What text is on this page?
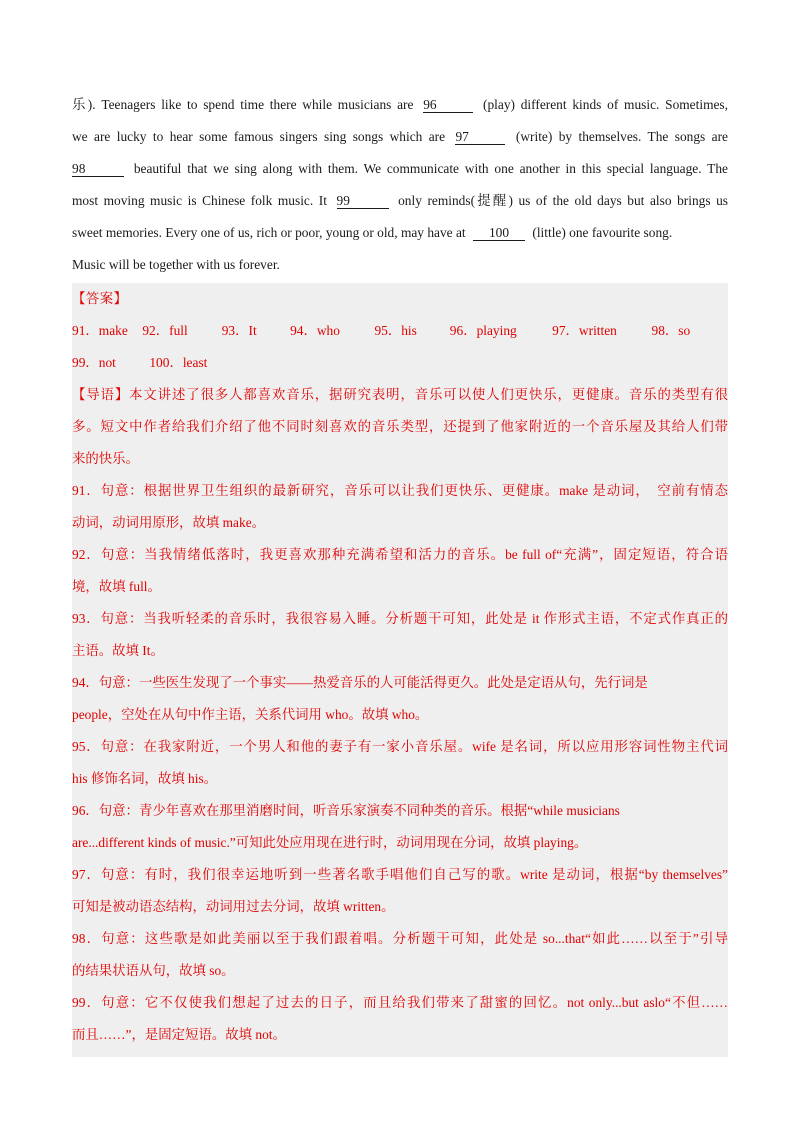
乐). Teenagers like to spend time there while musicians are 96	(play) different kinds of music. Sometimes,
we are lucky to hear some famous singers sing songs which are 97	(write) by themselves. The songs are
98	beautiful that we sing along with them. We communicate with one another in this special language. The
most moving music is Chinese folk music. It 99	only reminds(提醒) us of the old days but also brings us
sweet memories. Every one of us, rich or poor, young or old, may have at 100 (little) one favourite song.
Music will be together with us forever.
【答案】
91．make 92．full	93．It 94．who	95．his 96．playing	97．written	98．so
99．not 100．least
【导语】本文讲述了很多人都喜欢音乐，据研究表明，音乐可以使人们更快乐，更健康。音乐的类型有很
多。短文中作者给我们介绍了他不同时刻喜欢的音乐类型，还提到了他家附近的一个音乐屋及其给人们带
来的快乐。
91．句意：根据世界卫生组织的最新研究，音乐可以让我们更快乐、更健康。make 是动词，　空前有情态
动词，动词用原形，故填 make。
92．句意：当我情绪低落时，我更喜欢那种充满希望和活力的音乐。be full of“充满”，固定短语，符合语
境，故填 full。
93．句意：当我听轻柔的音乐时，我很容易入睡。分析题干可知，此处是 it 作形式主语，不定式作真正的
主语。故填 It。
94．句意：一些医生发现了一个事实——热爱音乐的人可能活得更久。此处是定语从句，先行词是
people，空处在从句中作主语，关系代词用 who。故填 who。
95．句意：在我家附近，一个男人和他的妻子有一家小音乐屋。wife 是名词，所以应用形容词性物主代词
his 修饰名词，故填 his。
96．句意：青少年喜欢在那里消磨时间，听音乐家演奏不同种类的音乐。根据“while musicians
are...different kinds of music.”可知此处应用现在进行时，动词用现在分词，故填 playing。
97．句意：有时，我们很幸运地听到一些著名歌手唱他们自己写的歌。write 是动词，根据“by themselves”
可知是被动语态结构，动词用过去分词，故填 written。
98．句意：这些歌是如此美丽以至于我们跟着唱。分析题干可知，此处是 so...that“如此……以至于”引导
的结果状语从句，故填 so。
99．句意：它不仅使我们想起了过去的日子，而且给我们带来了甜蜜的回忆。not only...but aslo“不但……
而且……”，是固定短语。故填 not。
